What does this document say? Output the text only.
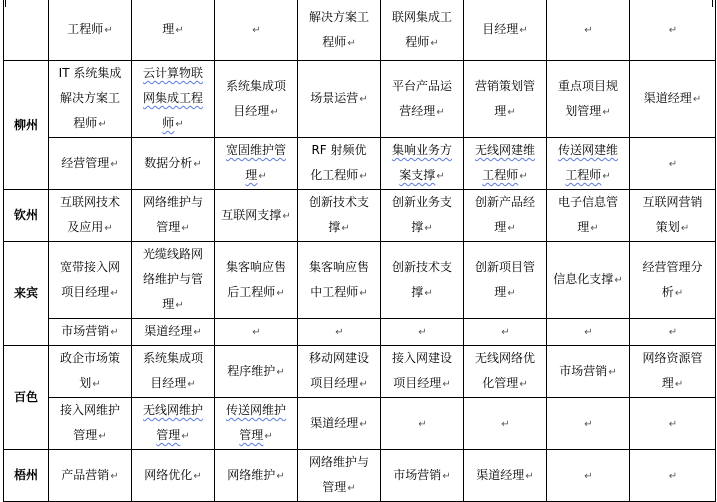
	工程师↵	理↵	↵	解决方案工
程师↵	联网集成工
程师↵	目经理↵	↵	↵
柳州	IT 系统集成
解决方案工
程师↵	云计算物联
网集成工程
师↵	系统集成项
目经理↵	场景运营↵	平台产品运
营经理↵	营销策划管
理↵	重点项目规
划管理↵	渠道经理↵
	经营管理↵	数据分析↵	宽固维护管
理↵	RF 射频优
化工程师↵	集响业务方
案支撑↵	无线网建维
工程师↵	传送网建维
工程师↵	↵
钦州	互联网技术
及应用↵	网络维护与
管理↵	互联网支撑↵	创新技术支
撑↵	创新业务支
撑↵	创新产品经
理↵	电子信息管
理↵	互联网营销
策划↵
来宾	宽带接入网
项目经理↵	光缆线路网
络维护与管
理↵	集客响应售
后工程师↵	集客响应售
中工程师↵	创新技术支
撑↵	创新项目管
理↵	信息化支撑↵	经营管理分
析↵
	市场营销↵	渠道经理↵	↵	↵	↵	↵	↵	↵
百色	政企市场策
划↵	系统集成项
目经理↵	程序维护↵	移动网建设
项目经理↵	接入网建设
项目经理↵	无线网络优
化管理↵	市场营销↵	网络资源管
理↵
	接入网维护
管理↵	无线网维护
管理↵	传送网维护
管理↵	渠道经理↵	↵	↵	↵	↵
梧州	产品营销↵	网络优化↵	网络维护↵	网络维护与
管理↵	市场营销↵	渠道经理↵	↵	↵
